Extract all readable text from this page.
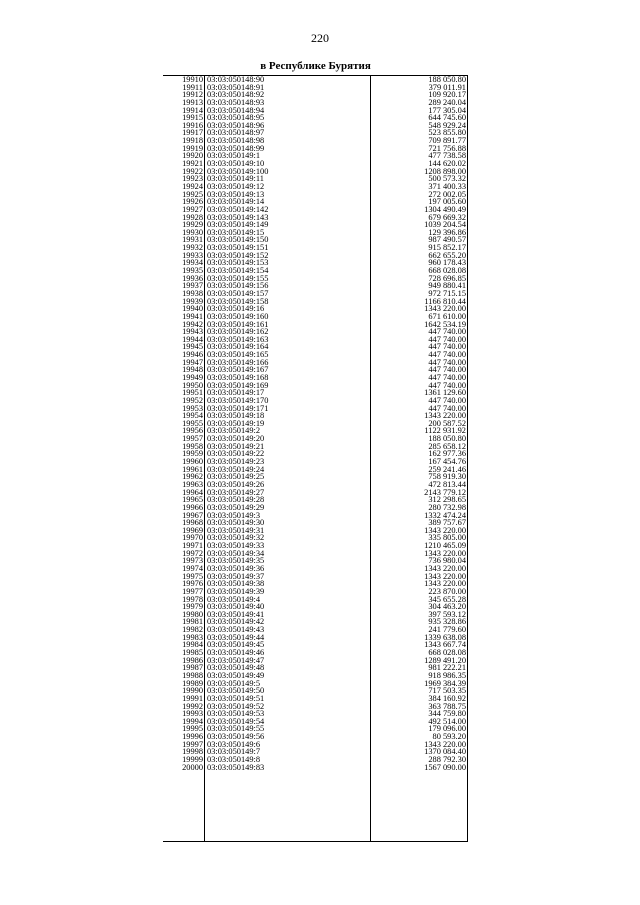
220
в Республике Бурятия
19910 03:03:050148:90	188 050.80
19911 03:03:050148:91	379 011.91
19912 03:03:050148:92	109 920.17
19913 03:03:050148:93	289 240.04
19914 03:03:050148:94	177 305.04
19915 03:03:050148:95	644 745.60
19916 03:03:050148:96	548 929.24
19917 03:03:050148:97	523 855.80
19918 03:03:050148:98	709 891.77
19919 03:03:050148:99	721 756.88
19920 03:03:050149:1	477 738.58
19921 03:03:050149:10	144 620.02
19922 03:03:050149:100	1208 898.00
19923 03:03:050149:11	500 573.32
19924 03:03:050149:12	371 400.33
19925 03:03:050149:13	272 002.05
19926 03:03:050149:14	197 005.60
19927 03:03:050149:142	1304 490.49
19928 03:03:050149:143	679 669.32
19929 03:03:050149:149	1039 204.54
19930 03:03:050149:15	129 396.86
19931 03:03:050149:150	987 490.57
19932 03:03:050149:151	915 852.17
19933 03:03:050149:152	662 655.20
19934 03:03:050149:153	960 178.43
19935 03:03:050149:154	668 028.08
19936 03:03:050149:155	728 696.85
19937 03:03:050149:156	949 880.41
19938 03:03:050149:157	972 715.15
19939 03:03:050149:158	1166 810.44
19940 03:03:050149:16	1343 220.00
19941 03:03:050149:160	671 610.00
19942 03:03:050149:161	1642 534.19
19943 03:03:050149:162	447 740.00
19944 03:03:050149:163	447 740.00
19945 03:03:050149:164	447 740.00
19946 03:03:050149:165	447 740.00
19947 03:03:050149:166	447 740.00
19948 03:03:050149:167	447 740.00
19949 03:03:050149:168	447 740.00
19950 03:03:050149:169	447 740.00
19951 03:03:050149:17	1361 129.60
19952 03:03:050149:170	447 740.00
19953 03:03:050149:171	447 740.00
19954 03:03:050149:18	1343 220.00
19955 03:03:050149:19	200 587.52
19956 03:03:050149:2	1122 931.92
19957 03:03:050149:20	188 050.80
19958 03:03:050149:21	285 658.12
19959 03:03:050149:22	162 977.36
19960 03:03:050149:23	167 454.76
19961 03:03:050149:24	259 241.46
19962 03:03:050149:25	758 919.30
19963 03:03:050149:26	472 813.44
19964 03:03:050149:27	2143 779.12
19965 03:03:050149:28	312 298.65
19966 03:03:050149:29	280 732.98
19967 03:03:050149:3	1332 474.24
19968 03:03:050149:30	389 757.67
19969 03:03:050149:31	1343 220.00
19970 03:03:050149:32	335 805.00
19971 03:03:050149:33	1210 465.09
19972 03:03:050149:34	1343 220.00
19973 03:03:050149:35	736 980.04
19974 03:03:050149:36	1343 220.00
19975 03:03:050149:37	1343 220.00
19976 03:03:050149:38	1343 220.00
19977 03:03:050149:39	223 870.00
19978 03:03:050149:4	345 655.28
19979 03:03:050149:40	304 463.20
19980 03:03:050149:41	397 593.12
19981 03:03:050149:42	935 328.86
19982 03:03:050149:43	241 779.60
19983 03:03:050149:44	1339 638.08
19984 03:03:050149:45	1343 667.74
19985 03:03:050149:46	668 028.08
19986 03:03:050149:47	1289 491.20
19987 03:03:050149:48	981 222.21
19988 03:03:050149:49	918 986.35
19989 03:03:050149:5	1969 384.39
19990 03:03:050149:50	717 503.35
19991 03:03:050149:51	384 160.92
19992 03:03:050149:52	363 788.75
19993 03:03:050149:53	344 759.80
19994 03:03:050149:54	492 514.00
19995 03:03:050149:55	179 096.00
19996 03:03:050149:56	80 593.20
19997 03:03:050149:6	1343 220.00
19998 03:03:050149:7	1370 084.40
19999 03:03:050149:8	288 792.30
20000 03:03:050149:83	1567 090.00
